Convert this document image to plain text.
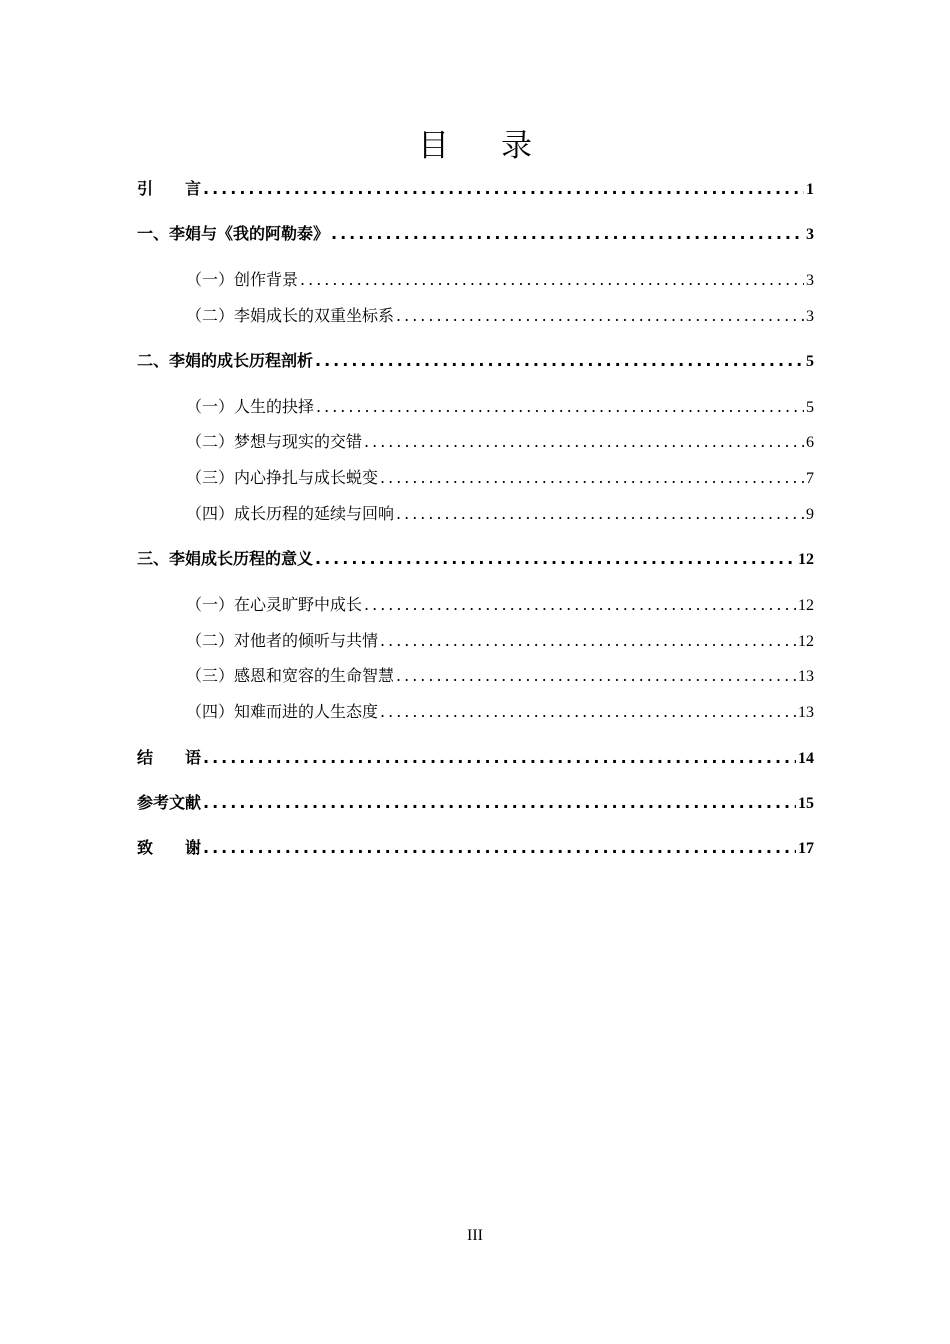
目 录
引　　言 .....	1
一、李娟与《我的阿勒泰》 .....	3
（一）创作背景 .....	3
（二）李娟成长的双重坐标系 .....	3
二、李娟的成长历程剖析 .....	5
（一）人生的抉择 .....	5
（二）梦想与现实的交错 .....	6
（三）内心挣扎与成长蜕变 .....	7
（四）成长历程的延续与回响 .....	9
三、李娟成长历程的意义 .....	12
（一）在心灵旷野中成长 .....	12
（二）对他者的倾听与共情 .....	12
（三）感恩和宽容的生命智慧 .....	13
（四）知难而进的人生态度 .....	13
结　　语 .....	14
参考文献 .....	15
致　　谢 .....	17
III
